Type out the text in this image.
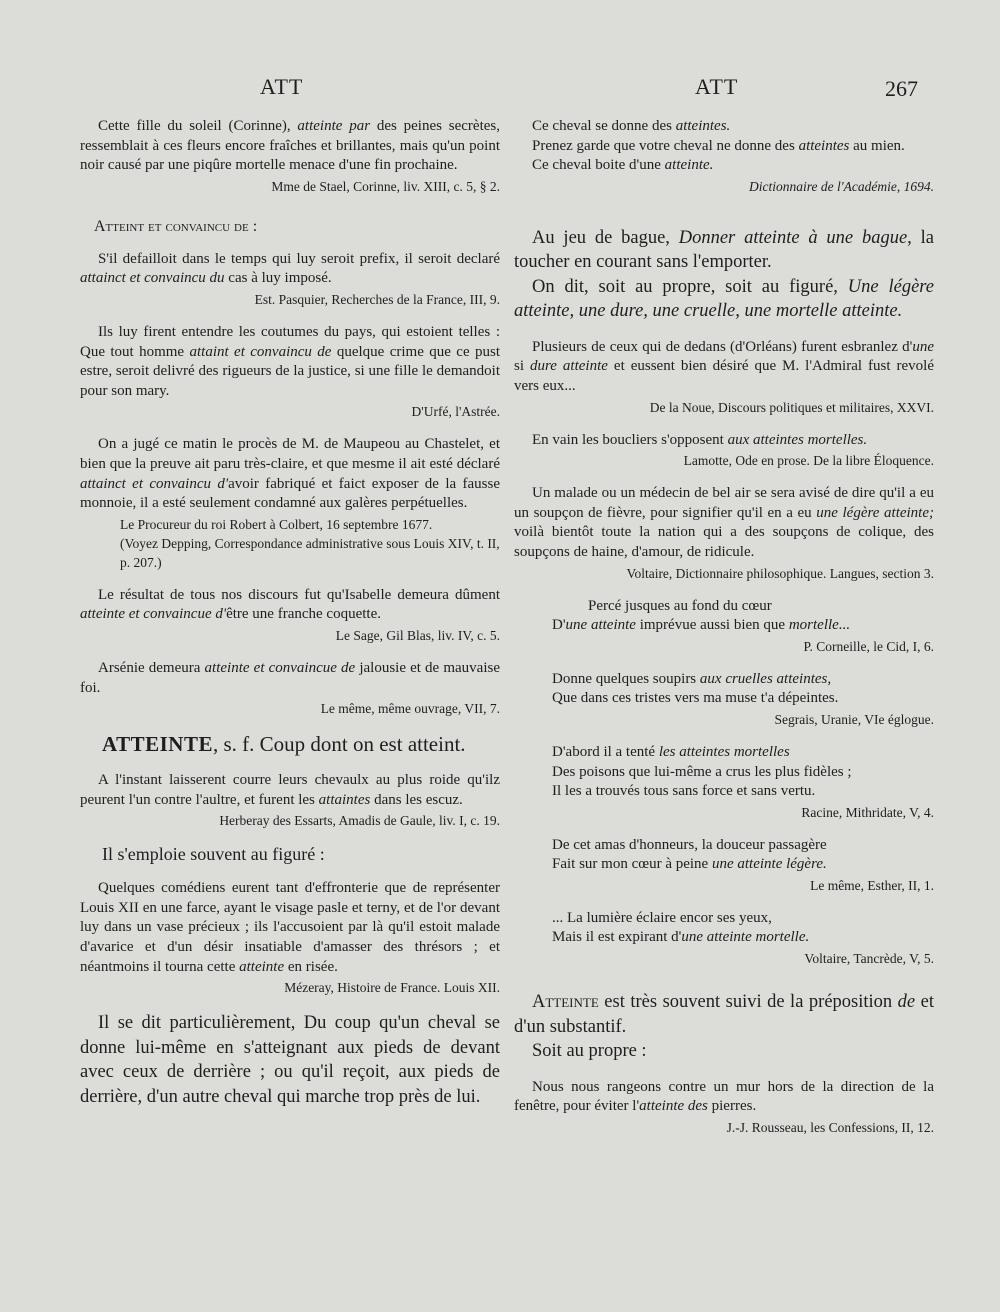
ATT	ATT	267

Cette fille du soleil (Corinne), atteinte par des peines secrètes, ressemblait à ces fleurs encore fraîches et brillantes, mais qu'un point noir causé par une piqûre mortelle menace d'une fin prochaine.

Mme de Stael, Corinne, liv. XIII, c. 5, § 2.

Atteint et convaincu de :

S'il defailloit dans le temps qui luy seroit prefix, il seroit declaré attainct et convaincu du cas à luy imposé.

Est. Pasquier, Recherches de la France, III, 9.

Ils luy firent entendre les coutumes du pays, qui estoient telles : Que tout homme attaint et convaincu de quelque crime que ce pust estre, seroit delivré des rigueurs de la justice, si une fille le demandoit pour son mary.

D'Urfé, l'Astrée.

On a jugé ce matin le procès de M. de Maupeou au Chastelet, et bien que la preuve ait paru très-claire, et que mesme il ait esté déclaré attainct et convaincu d'avoir fabriqué et faict exposer de la fausse monnoie, il a esté seulement condamné aux galères perpétuelles.

Le Procureur du roi Robert à Colbert, 16 septembre 1677.

(Voyez Depping, Correspondance administrative sous Louis XIV, t. II, p. 207.)

Le résultat de tous nos discours fut qu'Isabelle demeura dûment atteinte et convaincue d'être une franche coquette.

Le Sage, Gil Blas, liv. IV, c. 5.

Arsénie demeura atteinte et convaincue de jalousie et de mauvaise foi.

Le même, même ouvrage, VII, 7.

ATTEINTE, s. f. Coup dont on est atteint.

A l'instant laisserent courre leurs chevaulx au plus roide qu'ilz peurent l'un contre l'aultre, et furent les attaintes dans les escuz.

Herberay des Essarts, Amadis de Gaule, liv. I, c. 19.

Il s'emploie souvent au figuré :

Quelques comédiens eurent tant d'effronterie que de représenter Louis XII en une farce, ayant le visage pasle et terny, et de l'or devant luy dans un vase précieux ; ils l'accusoient par là qu'il estoit malade d'avarice et d'un désir insatiable d'amasser des thrésors ; et néantmoins il tourna cette atteinte en risée.

Mézeray, Histoire de France. Louis XII.

Il se dit particulièrement, Du coup qu'un cheval se donne lui-même en s'atteignant aux pieds de devant avec ceux de derrière ; ou qu'il reçoit, aux pieds de derrière, d'un autre cheval qui marche trop près de lui.

Ce cheval se donne des atteintes.

Prenez garde que votre cheval ne donne des atteintes au mien.

Ce cheval boite d'une atteinte.

Dictionnaire de l'Académie, 1694.

Au jeu de bague, Donner atteinte à une bague, la toucher en courant sans l'emporter.

On dit, soit au propre, soit au figuré, Une légère atteinte, une dure, une cruelle, une mortelle atteinte.

Plusieurs de ceux qui de dedans (d'Orléans) furent esbranlez d'une si dure atteinte et eussent bien désiré que M. l'Admiral fust revolé vers eux...

De la Noue, Discours politiques et militaires, XXVI.

En vain les boucliers s'opposent aux atteintes mortelles.

Lamotte, Ode en prose. De la libre Éloquence.

Un malade ou un médecin de bel air se sera avisé de dire qu'il a eu un soupçon de fièvre, pour signifier qu'il en a eu une légère atteinte; voilà bientôt toute la nation qui a des soupçons de colique, des soupçons de haine, d'amour, de ridicule.

Voltaire, Dictionnaire philosophique. Langues, section 3.

Percé jusques au fond du cœur

D'une atteinte imprévue aussi bien que mortelle...

P. Corneille, le Cid, I, 6.

Donne quelques soupirs aux cruelles atteintes,

Que dans ces tristes vers ma muse t'a dépeintes.

Segrais, Uranie, VIe églogue.

D'abord il a tenté les atteintes mortelles

Des poisons que lui-même a crus les plus fidèles ;

Il les a trouvés tous sans force et sans vertu.

Racine, Mithridate, V, 4.

De cet amas d'honneurs, la douceur passagère

Fait sur mon cœur à peine une atteinte légère.

Le même, Esther, II, 1.

... La lumière éclaire encor ses yeux,

Mais il est expirant d'une atteinte mortelle.

Voltaire, Tancrède, V, 5.

Atteinte est très souvent suivi de la préposition de et d'un substantif.

Soit au propre :

Nous nous rangeons contre un mur hors de la direction de la fenêtre, pour éviter l'atteinte des pierres.

J.-J. Rousseau, les Confessions, II, 12.
